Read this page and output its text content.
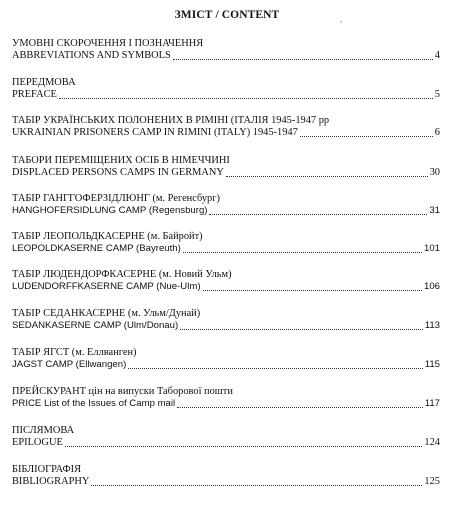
ЗМІСТ / CONTENT
УМОВНІ СКОРОЧЕННЯ І ПОЗНАЧЕННЯ
ABBREVIATIONS AND SYMBOLS	4
ПЕРЕДМОВА
PREFACE	5
ТАБІР УКРАЇНСЬКИХ ПОЛОНЕНИХ В РІМІНІ (ІТАЛІЯ 1945-1947 рр
UKRAINIAN PRISONERS CAMP IN RIMINI (ITALY) 1945-1947	6
ТАБОРИ ПЕРЕМІЩЕНИХ ОСІБ В НІМЕЧЧИНІ
DISPLACED PERSONS CAMPS IN GERMANY	30
ТАБІР ГАНГГОФЕРЗІДЛЮНГ (м. Регенсбург)
HANGHOFERSIDLUNG CAMP (Regensburg)	31
ТАБІР ЛЕОПОЛЬДКАСЕРНЕ (м. Байройт)
LEOPOLDKASERNE CAMP (Bayreuth)	101
ТАБІР ЛЮДЕНДОРФКАСЕРНЕ (м. Новий Ульм)
LUDENDORFFKASERNE CAMP (Nue-Ulm)	106
ТАБІР СЕДАНКАСЕРНЕ (м. Ульм/Дунай)
SEDANKASERNE CAMP (Ulm/Donau)	113
ТАБІР ЯГСТ (м. Еллванген)
JAGST CAMP (Ellwangen)	115
ПРЕЙСКУРАНТ цін на випуски Таборової пошти
PRICE List of the Issues of Camp mail	117
ПІСЛЯМОВА
EPILOGUE	124
БІБЛІОГРАФІЯ
BIBLIOGRAPHY	125
